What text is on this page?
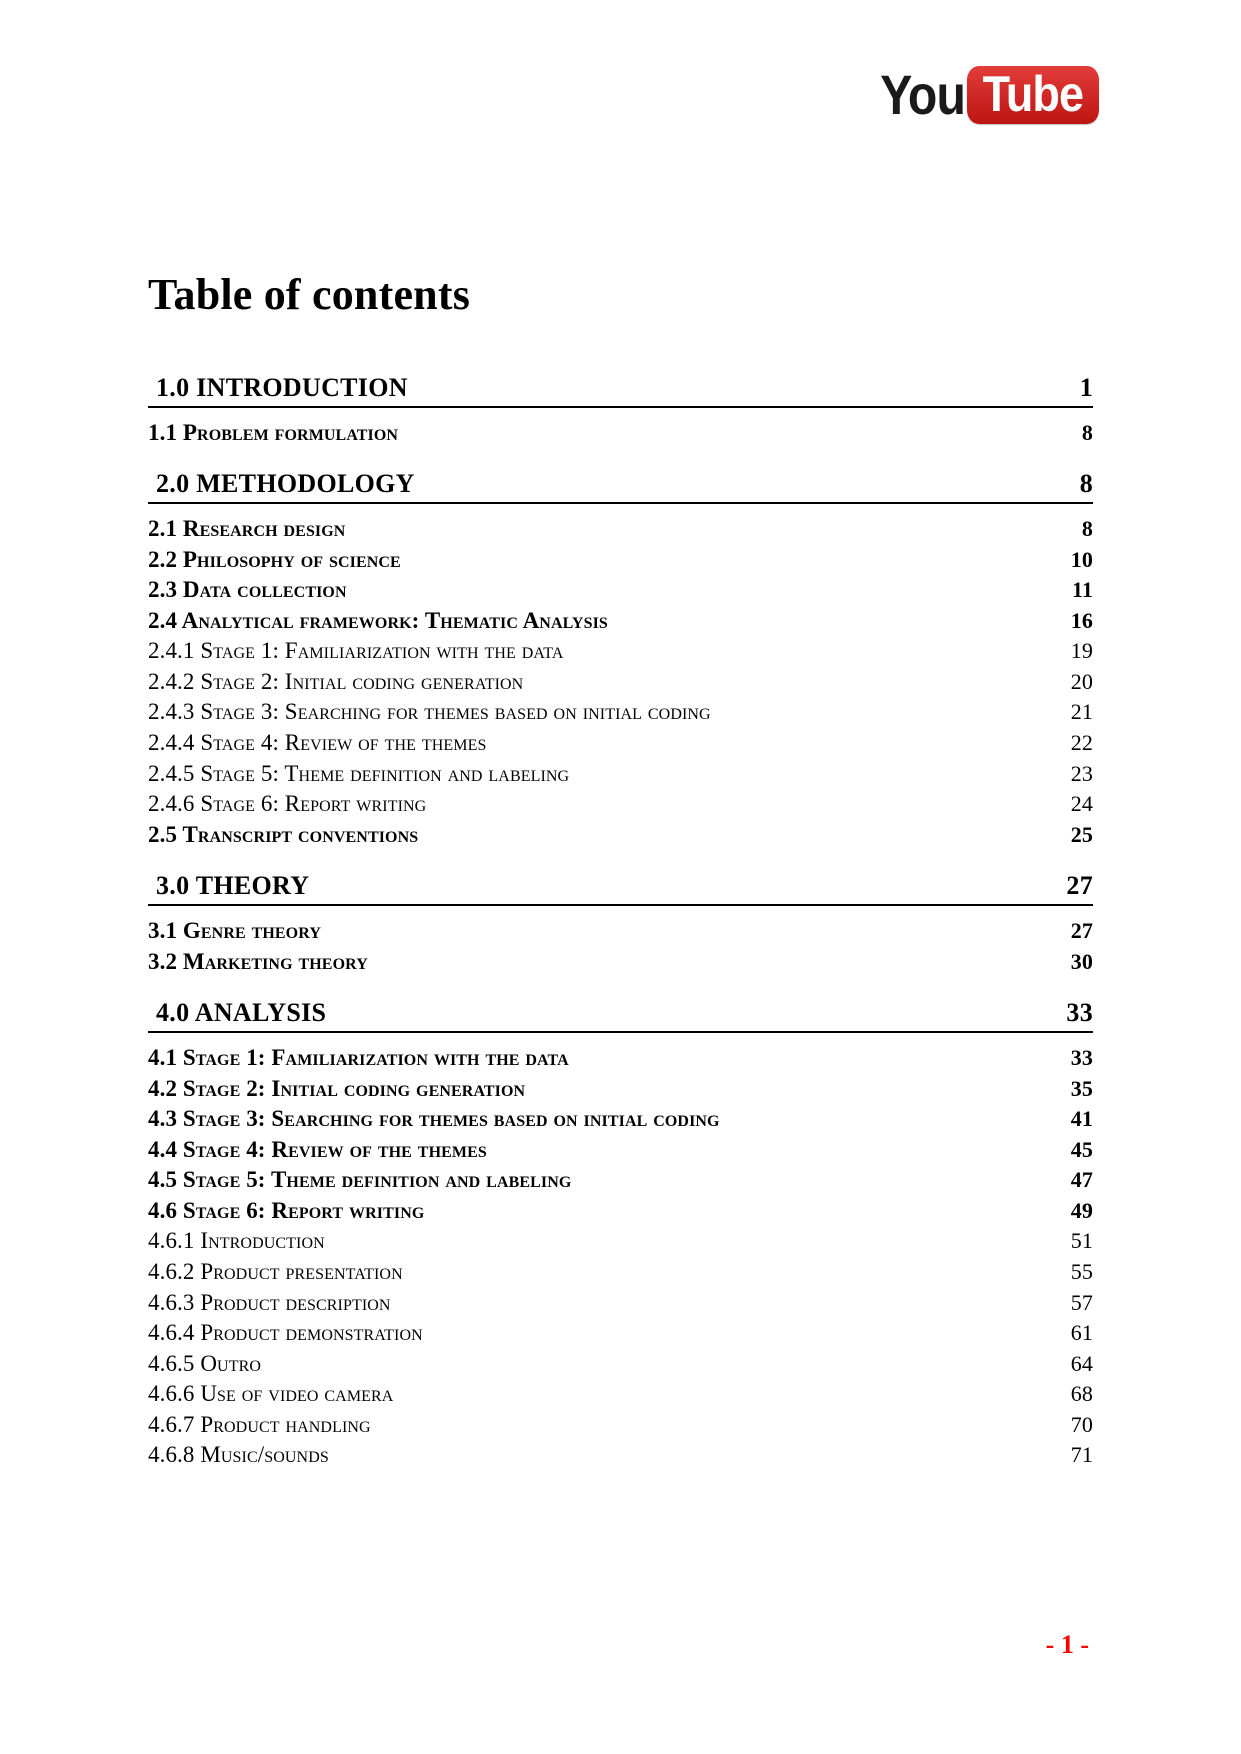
You Tube
Table of contents
1.0 INTRODUCTION	1
1.1 Problem formulation	8
2.0 METHODOLOGY	8
2.1 Research design	8
2.2 Philosophy of science	10
2.3 Data collection	11
2.4 Analytical framework: Thematic Analysis	16
2.4.1 Stage 1: Familiarization with the data	19
2.4.2 Stage 2: Initial coding generation	20
2.4.3 Stage 3: Searching for themes based on initial coding	21
2.4.4 Stage 4: Review of the themes	22
2.4.5 Stage 5: Theme definition and labeling	23
2.4.6 Stage 6: Report writing	24
2.5 Transcript conventions	25
3.0 THEORY	27
3.1 Genre theory	27
3.2 Marketing theory	30
4.0 ANALYSIS	33
4.1 Stage 1: Familiarization with the data	33
4.2 Stage 2: Initial coding generation	35
4.3 Stage 3: Searching for themes based on initial coding	41
4.4 Stage 4: Review of the themes	45
4.5 Stage 5: Theme definition and labeling	47
4.6 Stage 6: Report writing	49
4.6.1 Introduction	51
4.6.2 Product presentation	55
4.6.3 Product description	57
4.6.4 Product demonstration	61
4.6.5 Outro	64
4.6.6 Use of video camera	68
4.6.7 Product handling	70
4.6.8 Music/sounds	71
- 1 -
